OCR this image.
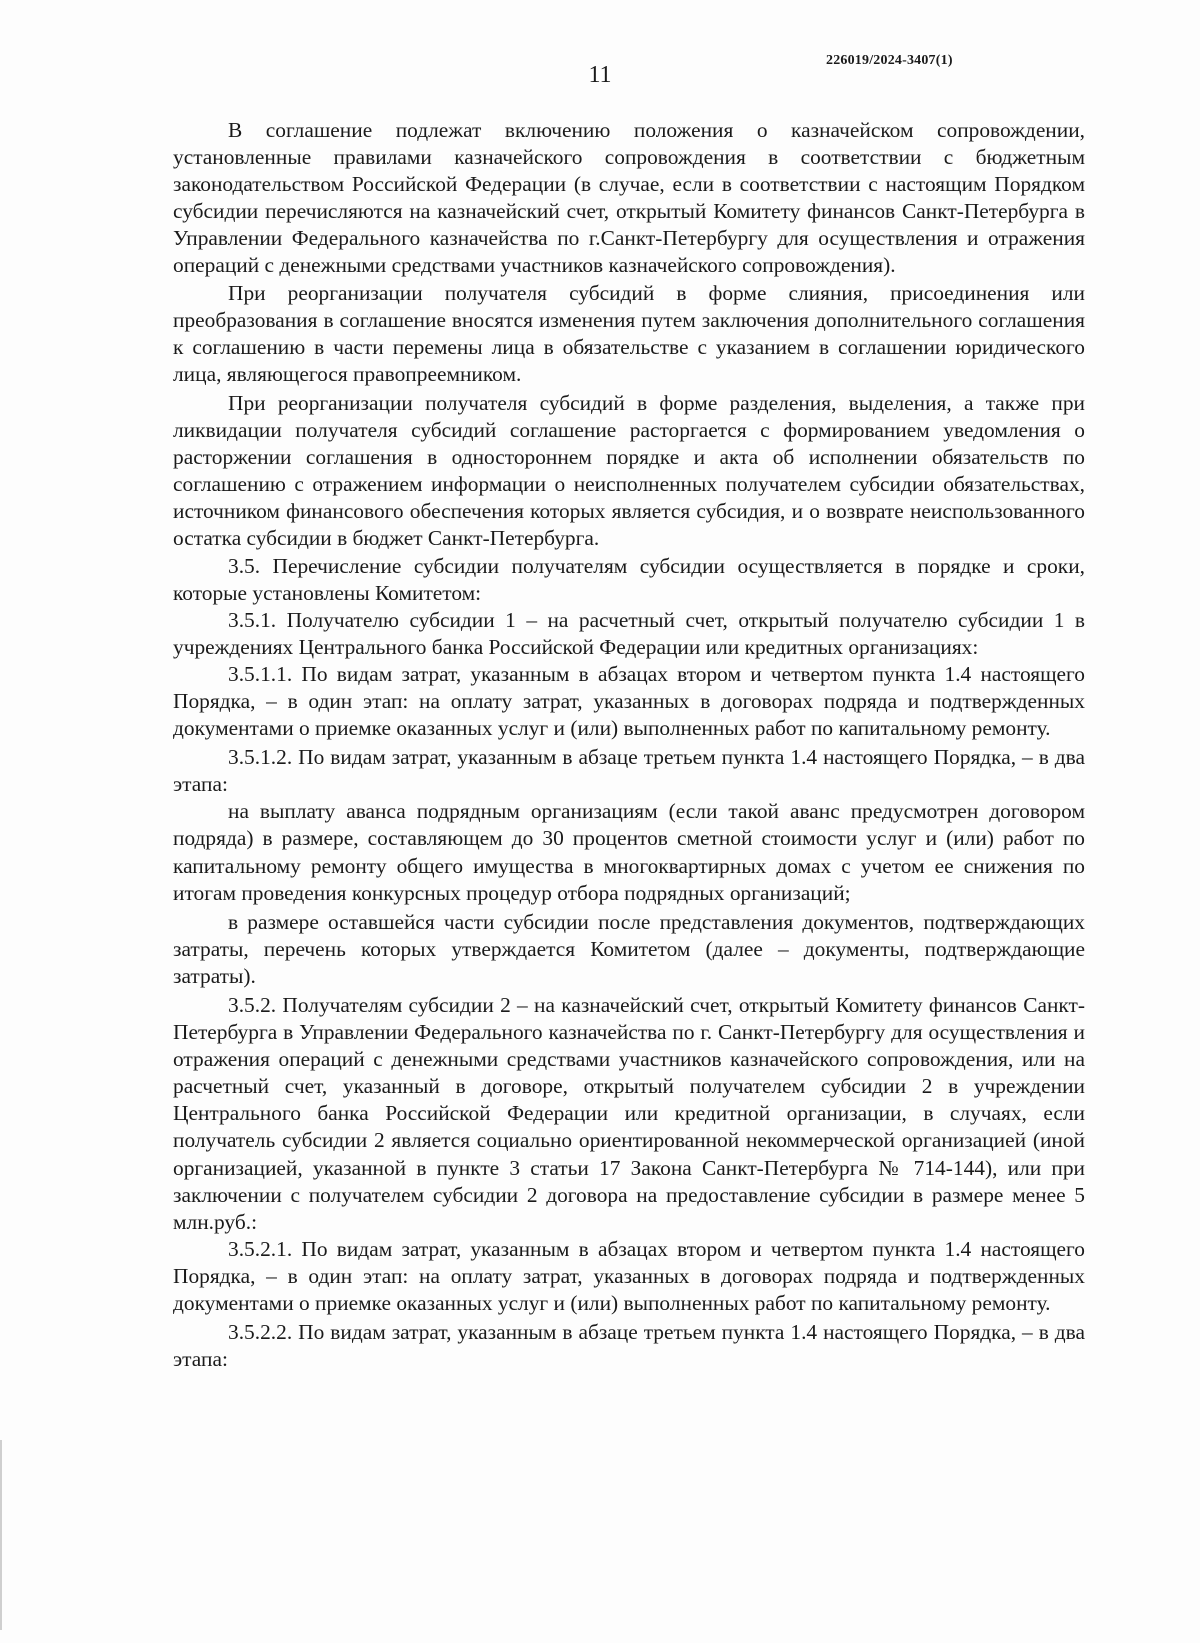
226019/2024-3407(1)
11

В соглашение подлежат включению положения о казначейском сопровождении, установленные правилами казначейского сопровождения в соответствии с бюджетным законодательством Российской Федерации (в случае, если в соответствии с настоящим Порядком субсидии перечисляются на казначейский счет, открытый Комитету финансов Санкт-Петербурга в Управлении Федерального казначейства по г.Санкт-Петербургу для осуществления и отражения операций с денежными средствами участников казначейского сопровождения).

При реорганизации получателя субсидий в форме слияния, присоединения или преобразования в соглашение вносятся изменения путем заключения дополнительного соглашения к соглашению в части перемены лица в обязательстве с указанием в соглашении юридического лица, являющегося правопреемником.

При реорганизации получателя субсидий в форме разделения, выделения, а также при ликвидации получателя субсидий соглашение расторгается с формированием уведомления о расторжении соглашения в одностороннем порядке и акта об исполнении обязательств по соглашению с отражением информации о неисполненных получателем субсидии обязательствах, источником финансового обеспечения которых является субсидия, и о возврате неиспользованного остатка субсидии в бюджет Санкт-Петербурга.

3.5. Перечисление субсидии получателям субсидии осуществляется в порядке и сроки, которые установлены Комитетом:

3.5.1. Получателю субсидии 1 – на расчетный счет, открытый получателю субсидии 1 в учреждениях Центрального банка Российской Федерации или кредитных организациях:

3.5.1.1. По видам затрат, указанным в абзацах втором и четвертом пункта 1.4 настоящего Порядка, – в один этап: на оплату затрат, указанных в договорах подряда и подтвержденных документами о приемке оказанных услуг и (или) выполненных работ по капитальному ремонту.

3.5.1.2. По видам затрат, указанным в абзаце третьем пункта 1.4 настоящего Порядка, – в два этапа:

на выплату аванса подрядным организациям (если такой аванс предусмотрен договором подряда) в размере, составляющем до 30 процентов сметной стоимости услуг и (или) работ по капитальному ремонту общего имущества в многоквартирных домах с учетом ее снижения по итогам проведения конкурсных процедур отбора подрядных организаций;

в размере оставшейся части субсидии после представления документов, подтверждающих затраты, перечень которых утверждается Комитетом (далее – документы, подтверждающие затраты).

3.5.2. Получателям субсидии 2 – на казначейский счет, открытый Комитету финансов Санкт-Петербурга в Управлении Федерального казначейства по г. Санкт-Петербургу для осуществления и отражения операций с денежными средствами участников казначейского сопровождения, или на расчетный счет, указанный в договоре, открытый получателем субсидии 2 в учреждении Центрального банка Российской Федерации или кредитной организации, в случаях, если получатель субсидии 2 является социально ориентированной некоммерческой организацией (иной организацией, указанной в пункте 3 статьи 17 Закона Санкт-Петербурга № 714-144), или при заключении с получателем субсидии 2 договора на предоставление субсидии в размере менее 5 млн.руб.:

3.5.2.1. По видам затрат, указанным в абзацах втором и четвертом пункта 1.4 настоящего Порядка, – в один этап: на оплату затрат, указанных в договорах подряда и подтвержденных документами о приемке оказанных услуг и (или) выполненных работ по капитальному ремонту.

3.5.2.2. По видам затрат, указанным в абзаце третьем пункта 1.4 настоящего Порядка, – в два этапа:
